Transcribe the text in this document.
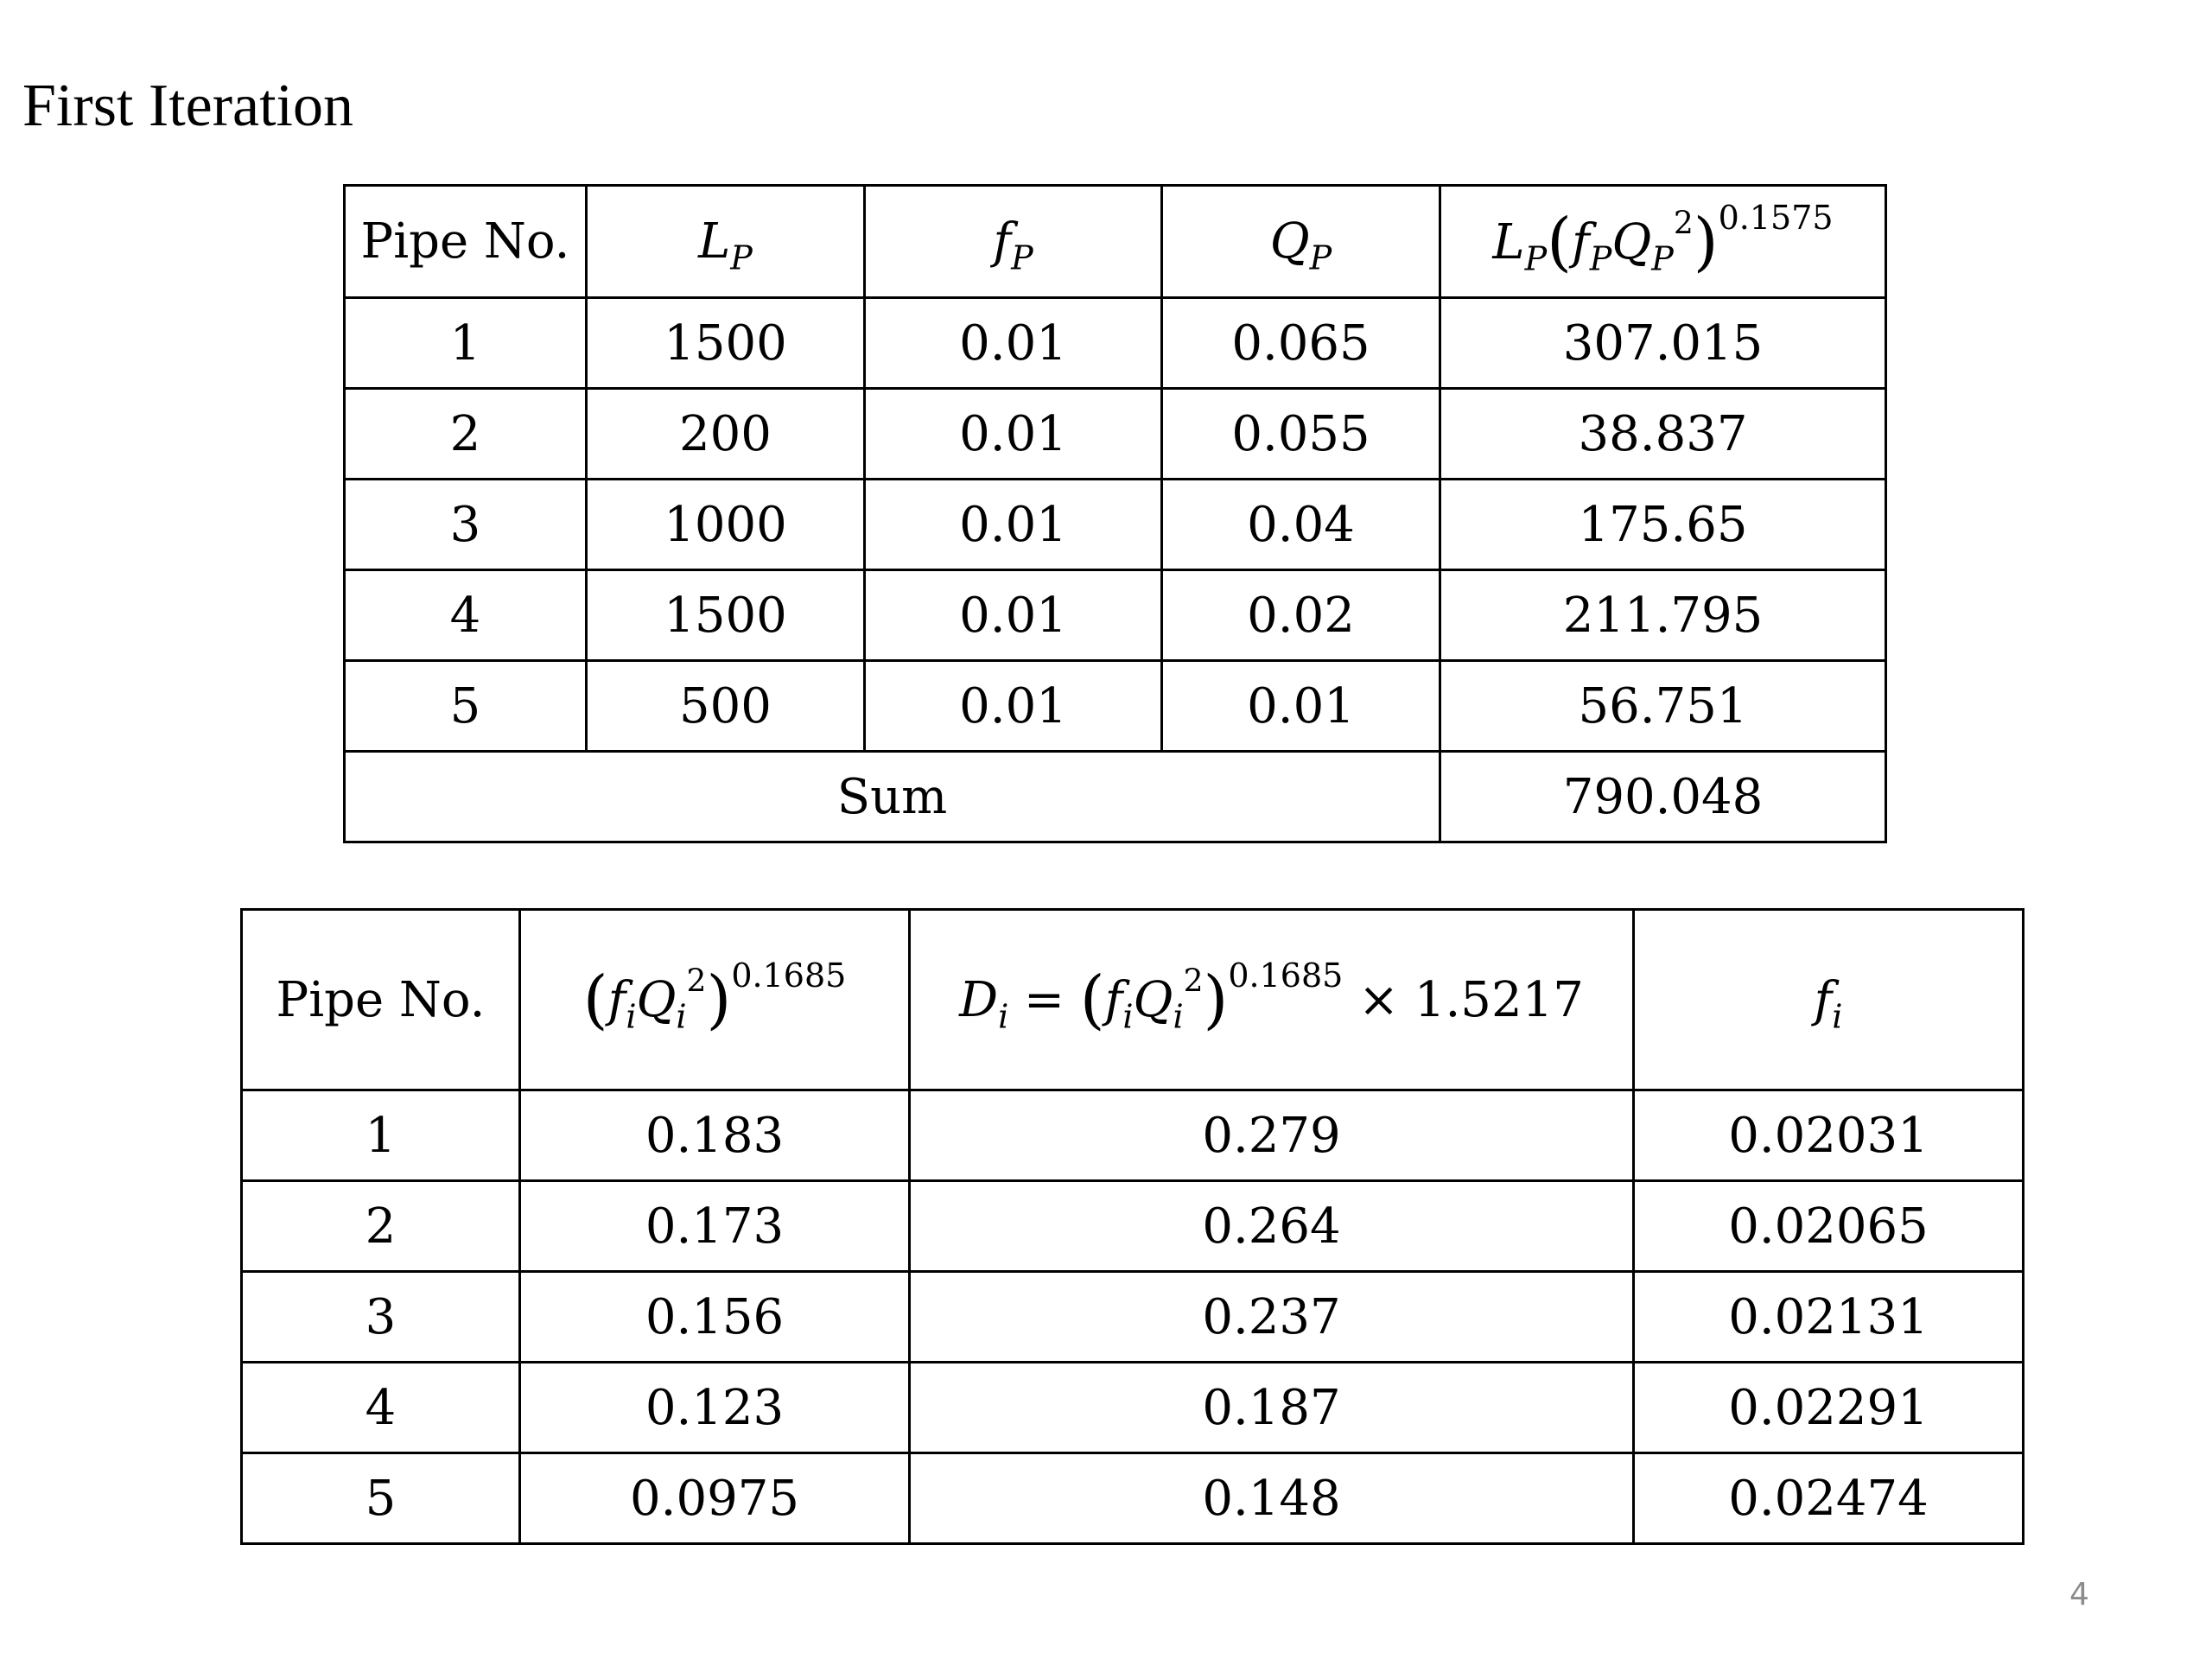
First Iteration
Pipe No.	$L_P$	$f_P$	$Q_P$	$L_P(f_PQ_P^2)^{0.1575}$
1	1500	0.01	0.065	307.015
2	200	0.01	0.055	38.837
3	1000	0.01	0.04	175.65
4	1500	0.01	0.02	211.795
5	500	0.01	0.01	56.751
Sum				790.048
Pipe No.	$(f_iQ_i^2)^{0.1685}$	$D_i = (f_iQ_i^2)^{0.1685} \times 1.5217$	$f_i$
1	0.183	0.279	0.02031
2	0.173	0.264	0.02065
3	0.156	0.237	0.02131
4	0.123	0.187	0.02291
5	0.0975	0.148	0.02474
4
